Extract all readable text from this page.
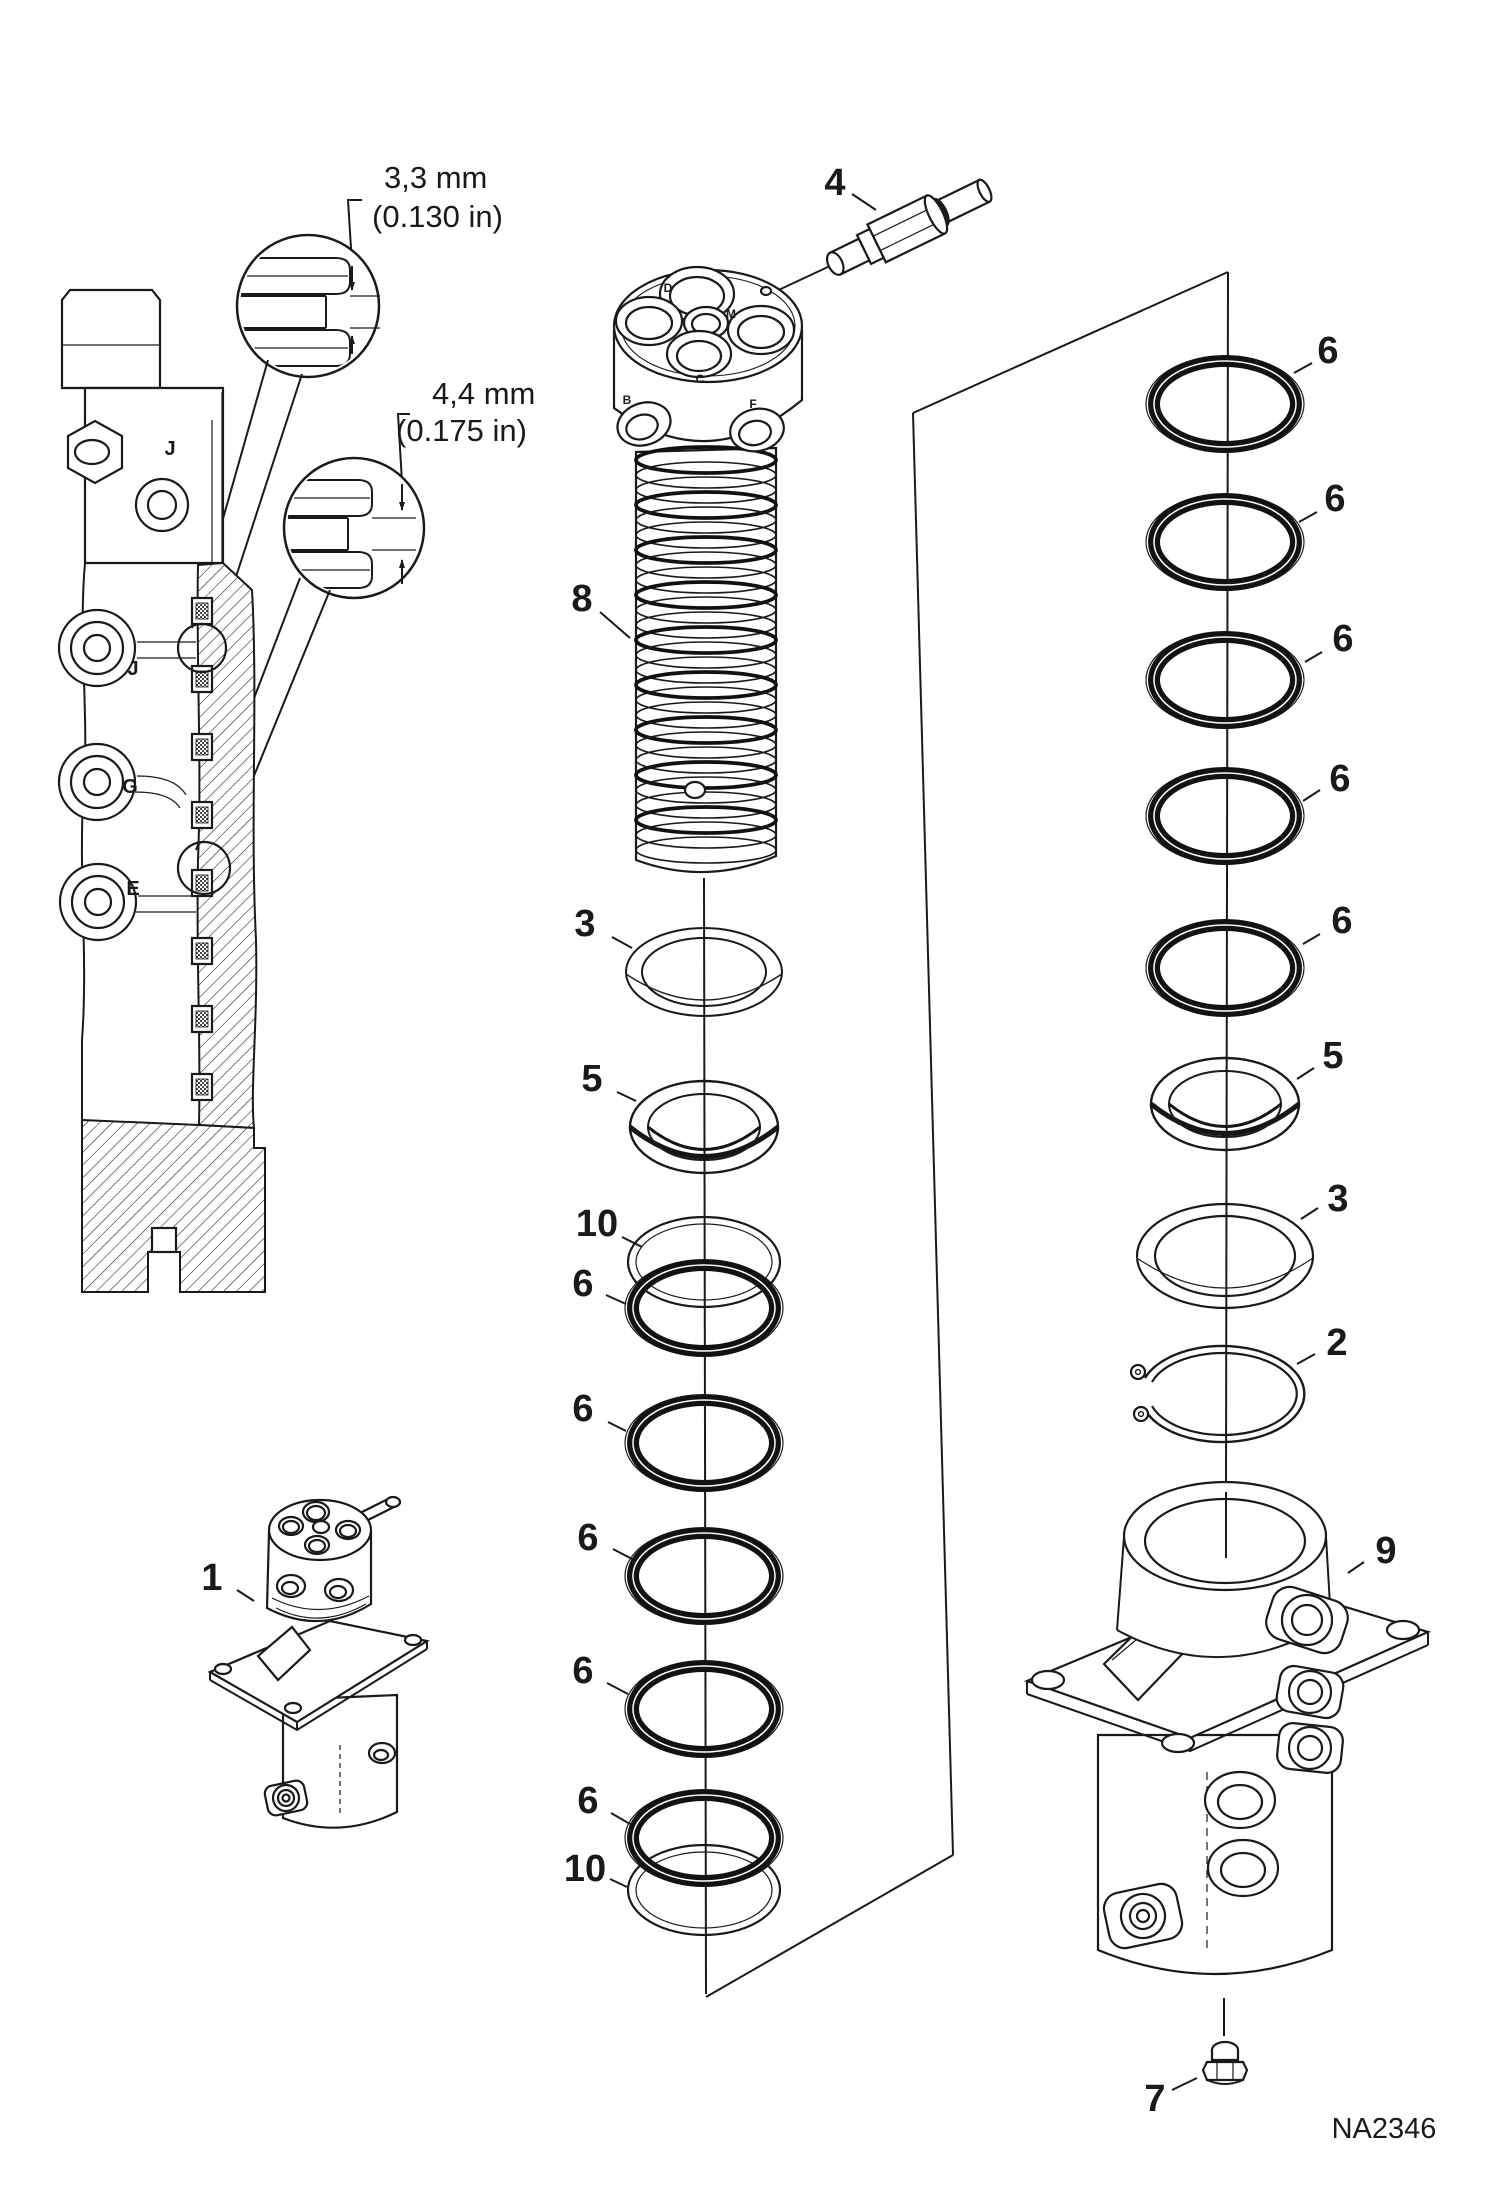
3,3 mm
(0.130 in)
4,4 mm
(0.175 in)
J
J
G
E
4
D
M
C
B	F
8
3
5
10
6
6
6
6
6
10
6
6
6
6
6
5
3
2
9
7
1
NA2346
